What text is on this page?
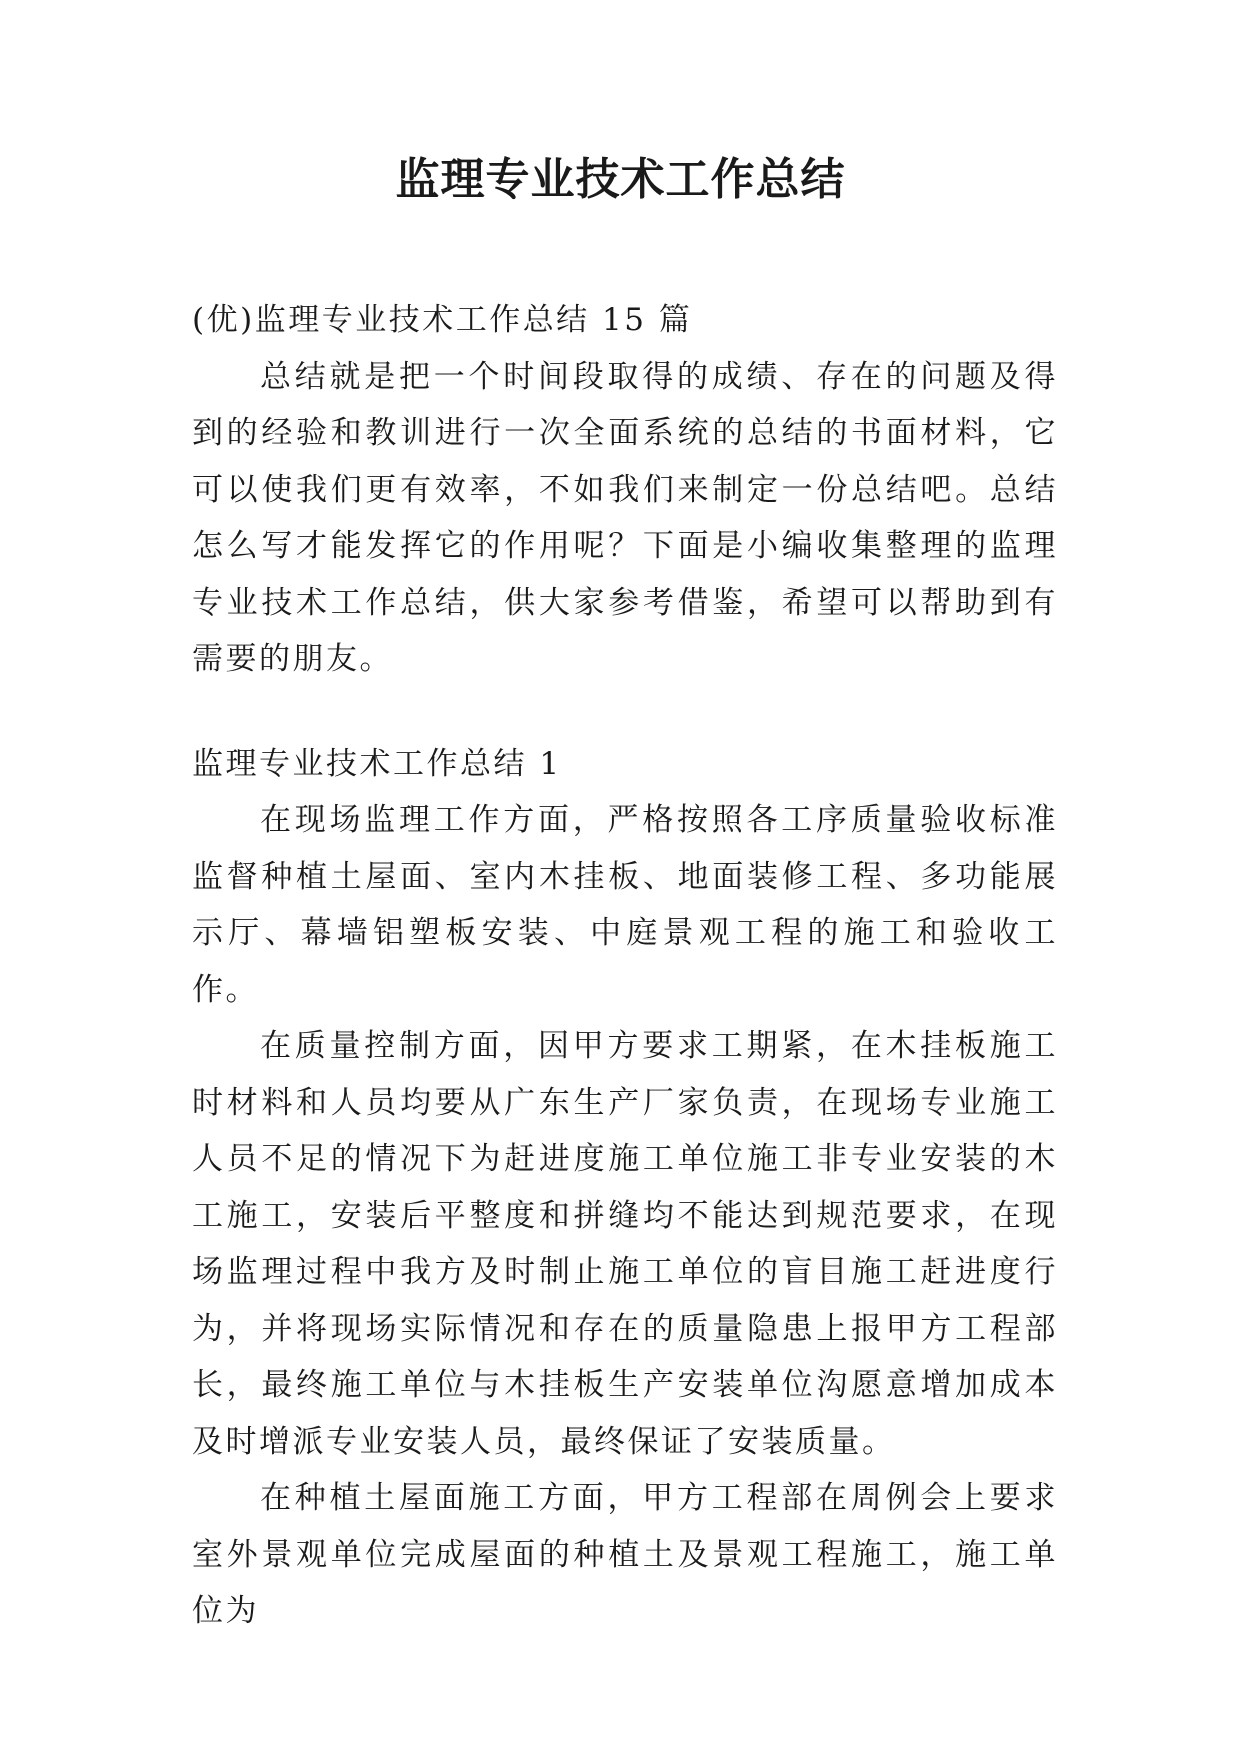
监理专业技术工作总结

(优)监理专业技术工作总结 15 篇

总结就是把一个时间段取得的成绩、存在的问题及得到的经验和教训进行一次全面系统的总结的书面材料，它可以使我们更有效率，不如我们来制定一份总结吧。总结怎么写才能发挥它的作用呢？下面是小编收集整理的监理专业技术工作总结，供大家参考借鉴，希望可以帮助到有需要的朋友。

监理专业技术工作总结 1

在现场监理工作方面，严格按照各工序质量验收标准监督种植土屋面、室内木挂板、地面装修工程、多功能展示厅、幕墙铝塑板安装、中庭景观工程的施工和验收工作。

在质量控制方面，因甲方要求工期紧，在木挂板施工时材料和人员均要从广东生产厂家负责，在现场专业施工人员不足的情况下为赶进度施工单位施工非专业安装的木工施工，安装后平整度和拼缝均不能达到规范要求，在现场监理过程中我方及时制止施工单位的盲目施工赶进度行为，并将现场实际情况和存在的质量隐患上报甲方工程部长，最终施工单位与木挂板生产安装单位沟愿意增加成本及时增派专业安装人员，最终保证了安装质量。

在种植土屋面施工方面，甲方工程部在周例会上要求室外景观单位完成屋面的种植土及景观工程施工，施工单位为
